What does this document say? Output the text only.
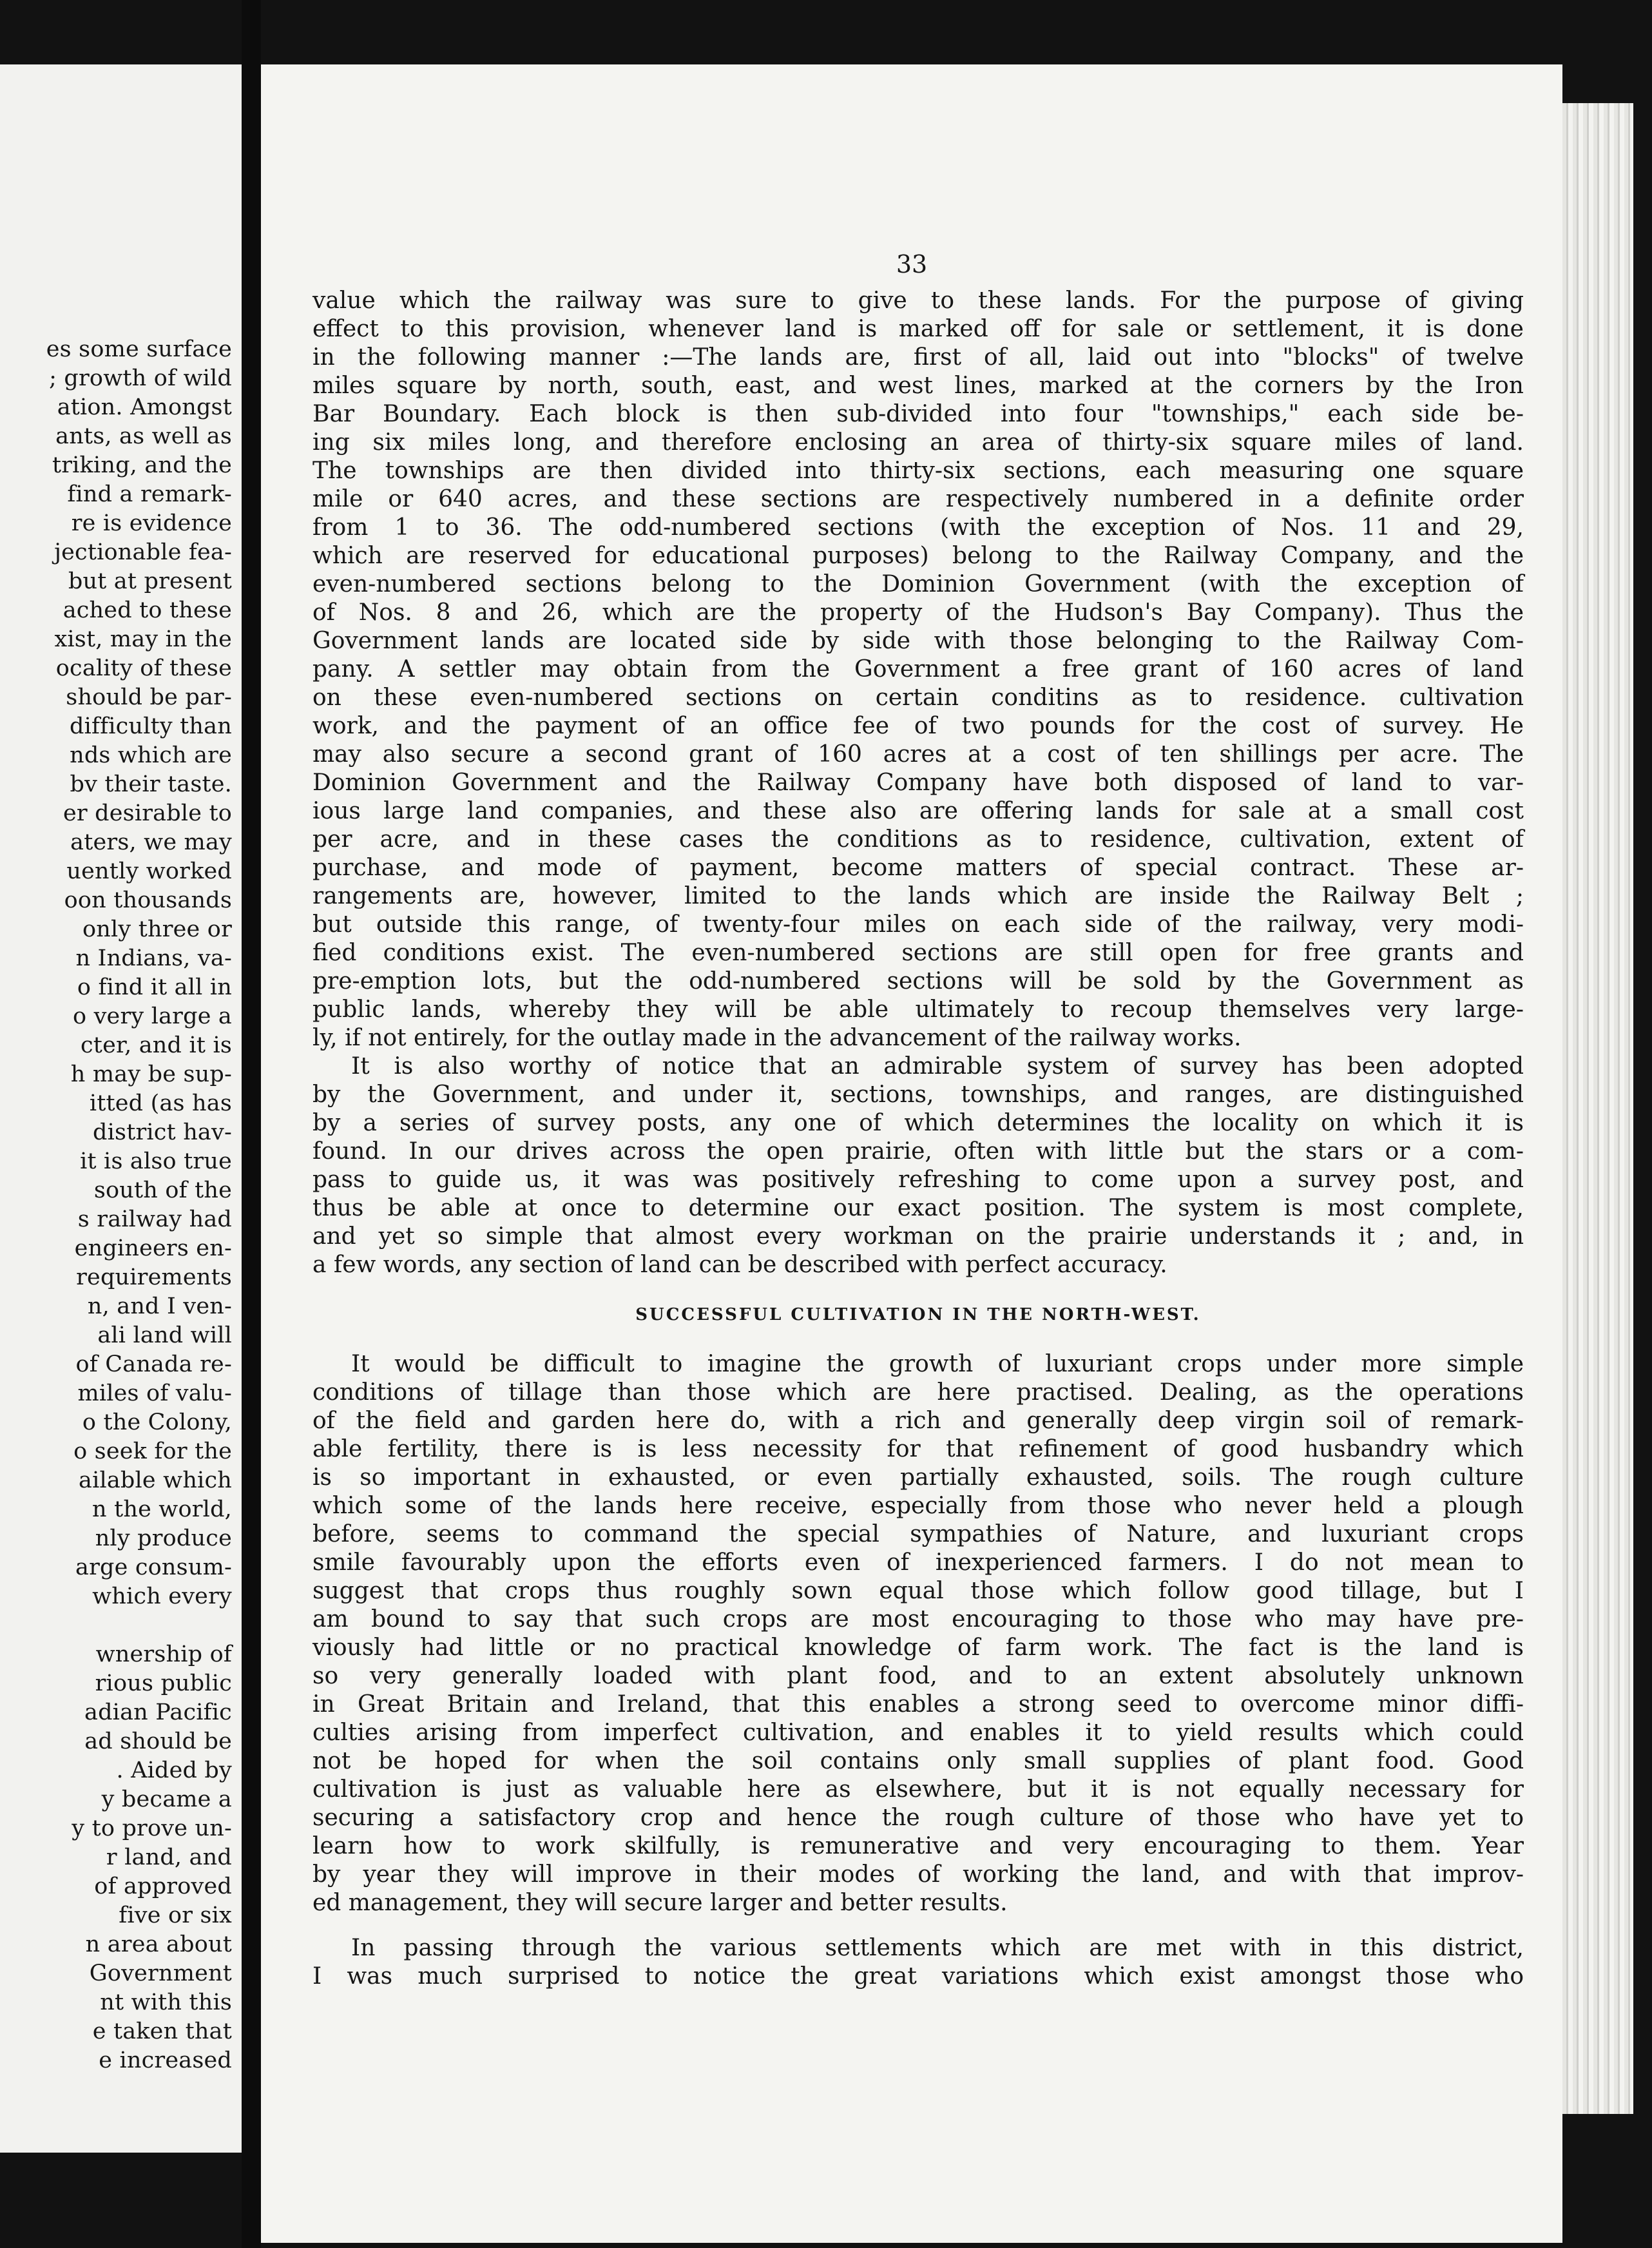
es some surface
; growth of wild
ation. Amongst
ants, as well as
triking, and the
find a remark-
re is evidence
jectionable fea-
but at present
ached to these
xist, may in the
ocality of these
should be par-
difficulty than
nds which are
bv their taste.
er desirable to
aters, we may
uently worked
oon thousands
only three or
n Indians, va-
o find it all in
o very large a
cter, and it is
h may be sup-
itted (as has
district hav-
it is also true
south of the
s railway had
engineers en-
requirements
n, and I ven-
ali land will
of Canada re-
miles of valu-
o the Colony,
o seek for the
ailable which
n the world,
nly produce
arge consum-
which every
wnership of
rious public
adian Pacific
ad should be
. Aided by
y became a
y to prove un-
r land, and
of approved
five or six
n area about
Government
nt with this
e taken that
e increased
33
value which the railway was sure to give to these lands. For the purpose of giving
effect to this provision, whenever land is marked off for sale or settlement, it is done
in the following manner :—The lands are, first of all, laid out into "blocks" of twelve
miles square by north, south, east, and west lines, marked at the corners by the Iron
Bar Boundary. Each block is then sub-divided into four "townships," each side be-
ing six miles long, and therefore enclosing an area of thirty-six square miles of land.
The townships are then divided into thirty-six sections, each measuring one square
mile or 640 acres, and these sections are respectively numbered in a definite order
from 1 to 36. The odd-numbered sections (with the exception of Nos. 11 and 29,
which are reserved for educational purposes) belong to the Railway Company, and the
even-numbered sections belong to the Dominion Government (with the exception of
of Nos. 8 and 26, which are the property of the Hudson's Bay Company). Thus the
Government lands are located side by side with those belonging to the Railway Com-
pany. A settler may obtain from the Government a free grant of 160 acres of land
on these even-numbered sections on certain conditins as to residence. cultivation
work, and the payment of an office fee of two pounds for the cost of survey. He
may also secure a second grant of 160 acres at a cost of ten shillings per acre. The
Dominion Government and the Railway Company have both disposed of land to var-
ious large land companies, and these also are offering lands for sale at a small cost
per acre, and in these cases the conditions as to residence, cultivation, extent of
purchase, and mode of payment, become matters of special contract. These ar-
rangements are, however, limited to the lands which are inside the Railway Belt ;
but outside this range, of twenty-four miles on each side of the railway, very modi-
fied conditions exist. The even-numbered sections are still open for free grants and
pre-emption lots, but the odd-numbered sections will be sold by the Government as
public lands, whereby they will be able ultimately to recoup themselves very large-
ly, if not entirely, for the outlay made in the advancement of the railway works.
It is also worthy of notice that an admirable system of survey has been adopted
by the Government, and under it, sections, townships, and ranges, are distinguished
by a series of survey posts, any one of which determines the locality on which it is
found. In our drives across the open prairie, often with little but the stars or a com-
pass to guide us, it was was positively refreshing to come upon a survey post, and
thus be able at once to determine our exact position. The system is most complete,
and yet so simple that almost every workman on the prairie understands it ; and, in
a few words, any section of land can be described with perfect accuracy.
SUCCESSFUL CULTIVATION IN THE NORTH-WEST.
It would be difficult to imagine the growth of luxuriant crops under more simple
conditions of tillage than those which are here practised. Dealing, as the operations
of the field and garden here do, with a rich and generally deep virgin soil of remark-
able fertility, there is is less necessity for that refinement of good husbandry which
is so important in exhausted, or even partially exhausted, soils. The rough culture
which some of the lands here receive, especially from those who never held a plough
before, seems to command the special sympathies of Nature, and luxuriant crops
smile favourably upon the efforts even of inexperienced farmers. I do not mean to
suggest that crops thus roughly sown equal those which follow good tillage, but I
am bound to say that such crops are most encouraging to those who may have pre-
viously had little or no practical knowledge of farm work. The fact is the land is
so very generally loaded with plant food, and to an extent absolutely unknown
in Great Britain and Ireland, that this enables a strong seed to overcome minor diffi-
culties arising from imperfect cultivation, and enables it to yield results which could
not be hoped for when the soil contains only small supplies of plant food. Good
cultivation is just as valuable here as elsewhere, but it is not equally necessary for
securing a satisfactory crop and hence the rough culture of those who have yet to
learn how to work skilfully, is remunerative and very encouraging to them. Year
by year they will improve in their modes of working the land, and with that improv-
ed management, they will secure larger and better results.
In passing through the various settlements which are met with in this district,
I was much surprised to notice the great variations which exist amongst those who
